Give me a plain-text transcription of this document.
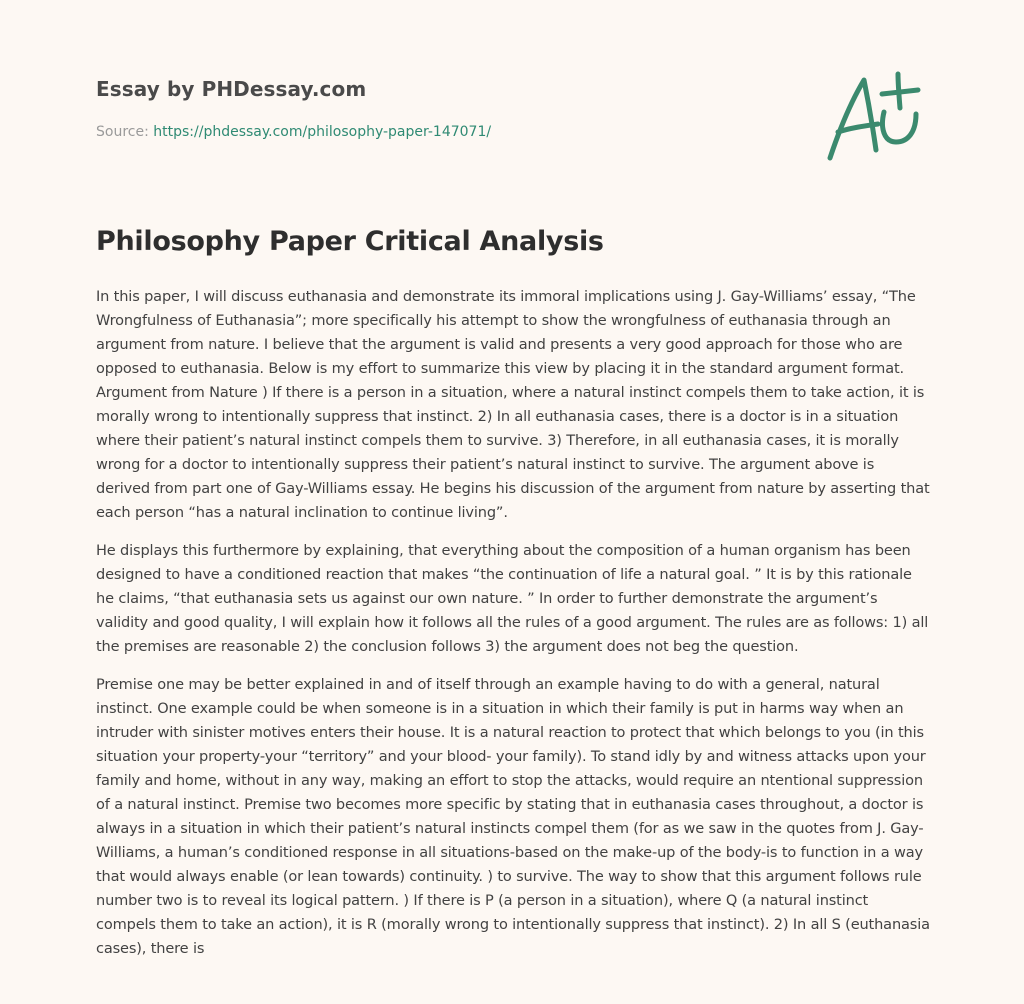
Essay by PHDessay.com

Source: https://phdessay.com/philosophy-paper-147071/

Philosophy Paper Critical Analysis

In this paper, I will discuss euthanasia and demonstrate its immoral implications using J. Gay-Williams’ essay, “The Wrongfulness of Euthanasia”; more specifically his attempt to show the wrongfulness of euthanasia through an argument from nature. I believe that the argument is valid and presents a very good approach for those who are opposed to euthanasia. Below is my effort to summarize this view by placing it in the standard argument format. Argument from Nature ) If there is a person in a situation, where a natural instinct compels them to take action, it is morally wrong to intentionally suppress that instinct. 2) In all euthanasia cases, there is a doctor is in a situation where their patient’s natural instinct compels them to survive. 3) Therefore, in all euthanasia cases, it is morally wrong for a doctor to intentionally suppress their patient’s natural instinct to survive. The argument above is derived from part one of Gay-Williams essay. He begins his discussion of the argument from nature by asserting that each person “has a natural inclination to continue living”.

He displays this furthermore by explaining, that everything about the composition of a human organism has been designed to have a conditioned reaction that makes “the continuation of life a natural goal. ” It is by this rationale he claims, “that euthanasia sets us against our own nature. ” In order to further demonstrate the argument’s validity and good quality, I will explain how it follows all the rules of a good argument. The rules are as follows: 1) all the premises are reasonable 2) the conclusion follows 3) the argument does not beg the question.

Premise one may be better explained in and of itself through an example having to do with a general, natural instinct. One example could be when someone is in a situation in which their family is put in harms way when an intruder with sinister motives enters their house. It is a natural reaction to protect that which belongs to you (in this situation your property-your “territory” and your blood- your family). To stand idly by and witness attacks upon your family and home, without in any way, making an effort to stop the attacks, would require an ntentional suppression of a natural instinct. Premise two becomes more specific by stating that in euthanasia cases throughout, a doctor is always in a situation in which their patient’s natural instincts compel them (for as we saw in the quotes from J. Gay-Williams, a human’s conditioned response in all situations-based on the make-up of the body-is to function in a way that would always enable (or lean towards) continuity. ) to survive. The way to show that this argument follows rule number two is to reveal its logical pattern. ) If there is P (a person in a situation), where Q (a natural instinct compels them to take an action), it is R (morally wrong to intentionally suppress that instinct). 2) In all S (euthanasia cases), there is
